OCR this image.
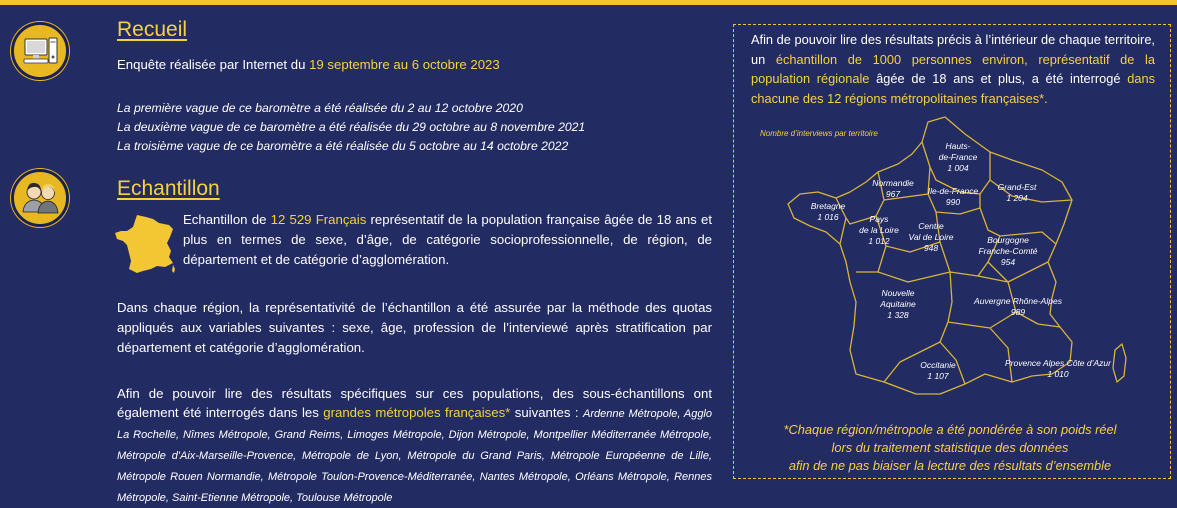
Recueil
Enquête réalisée par Internet du 19 septembre au 6 octobre 2023
La première vague de ce baromètre a été réalisée du 2 au 12 octobre 2020
La deuxième vague de ce baromètre a été réalisée du 29 octobre au 8 novembre 2021
La troisième vague de ce baromètre a été réalisée du 5 octobre au 14 octobre 2022
Echantillon
Echantillon de 12 529 Français représentatif de la population française âgée de 18 ans et plus en termes de sexe, d’âge, de catégorie socioprofessionnelle, de région, de département et de catégorie d’agglomération.
Dans chaque région, la représentativité de l’échantillon a été assurée par la méthode des quotas appliqués aux variables suivantes : sexe, âge, profession de l’interviewé après stratification par département et catégorie d’agglomération.
Afin de pouvoir lire des résultats spécifiques sur ces populations, des sous-échantillons ont également été interrogés dans les grandes métropoles françaises* suivantes : Ardenne Métropole, Agglo La Rochelle, Nîmes Métropole, Grand Reims, Limoges Métropole, Dijon Métropole, Montpellier Méditerranée Métropole, Métropole d'Aix-Marseille-Provence, Métropole de Lyon, Métropole du Grand Paris, Métropole Européenne de Lille, Métropole Rouen Normandie, Métropole Toulon-Provence-Méditerranée, Nantes Métropole, Orléans Métropole, Rennes Métropole, Saint-Etienne Métropole, Toulouse Métropole
Afin de pouvoir lire des résultats précis à l’intérieur de chaque territoire, un échantillon de 1000 personnes environ, représentatif de la population régionale âgée de 18 ans et plus, a été interrogé dans chacune des 12 régions métropolitaines françaises*.
Nombre d’interviews par territoire
Hauts-
de-France
1 004
Normandie
967	Ile-de-France
990
Grand-Est
1 204
Bretagne
1 016	Pays
de la Loire
1 012
Centre
Val de Loire
948
Bourgogne
Franche-Comté
954
Nouvelle
Aquitaine
1 328
Auvergne Rhône-Alpes
989
Occitanie
1 107
Provence Alpes Côte d’Azur
1 010
*Chaque région/métropole a été pondérée à son poids réel
lors du traitement statistique des données
afin de ne pas biaiser la lecture des résultats d’ensemble
